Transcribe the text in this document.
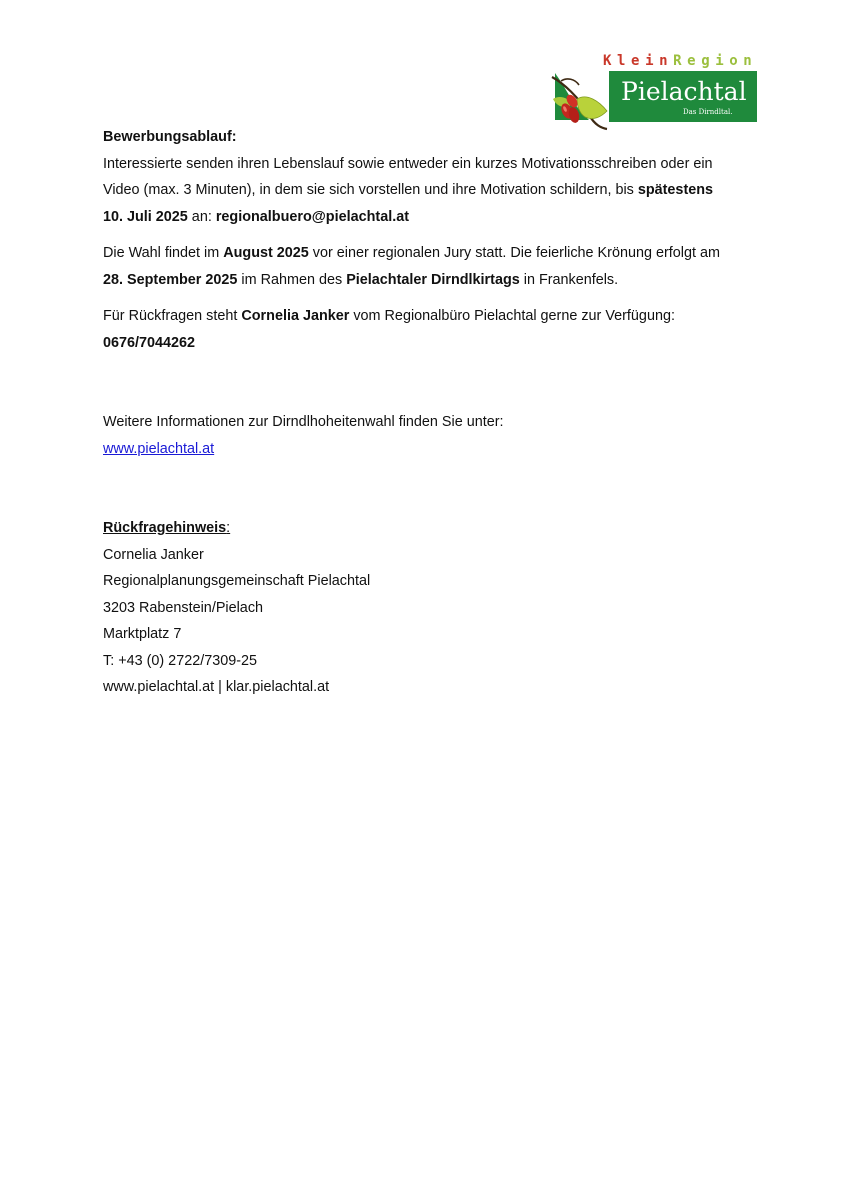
KleinRegion
Pielachtal
Das Dirndltal.

Bewerbungsablauf:

Interessierte senden ihren Lebenslauf sowie entweder ein kurzes Motivationsschreiben oder ein

Video (max. 3 Minuten), in dem sie sich vorstellen und ihre Motivation schildern, bis spätestens

10. Juli 2025 an: regionalbuero@pielachtal.at

Die Wahl findet im August 2025 vor einer regionalen Jury statt. Die feierliche Krönung erfolgt am

28. September 2025 im Rahmen des Pielachtaler Dirndlkirtags in Frankenfels.

Für Rückfragen steht Cornelia Janker vom Regionalbüro Pielachtal gerne zur Verfügung:

0676/7044262

Weitere Informationen zur Dirndlhoheitenwahl finden Sie unter:

www.pielachtal.at

Rückfragehinweis:

Cornelia Janker

Regionalplanungsgemeinschaft Pielachtal

3203 Rabenstein/Pielach

Marktplatz 7

T: +43 (0) 2722/7309-25

www.pielachtal.at | klar.pielachtal.at
